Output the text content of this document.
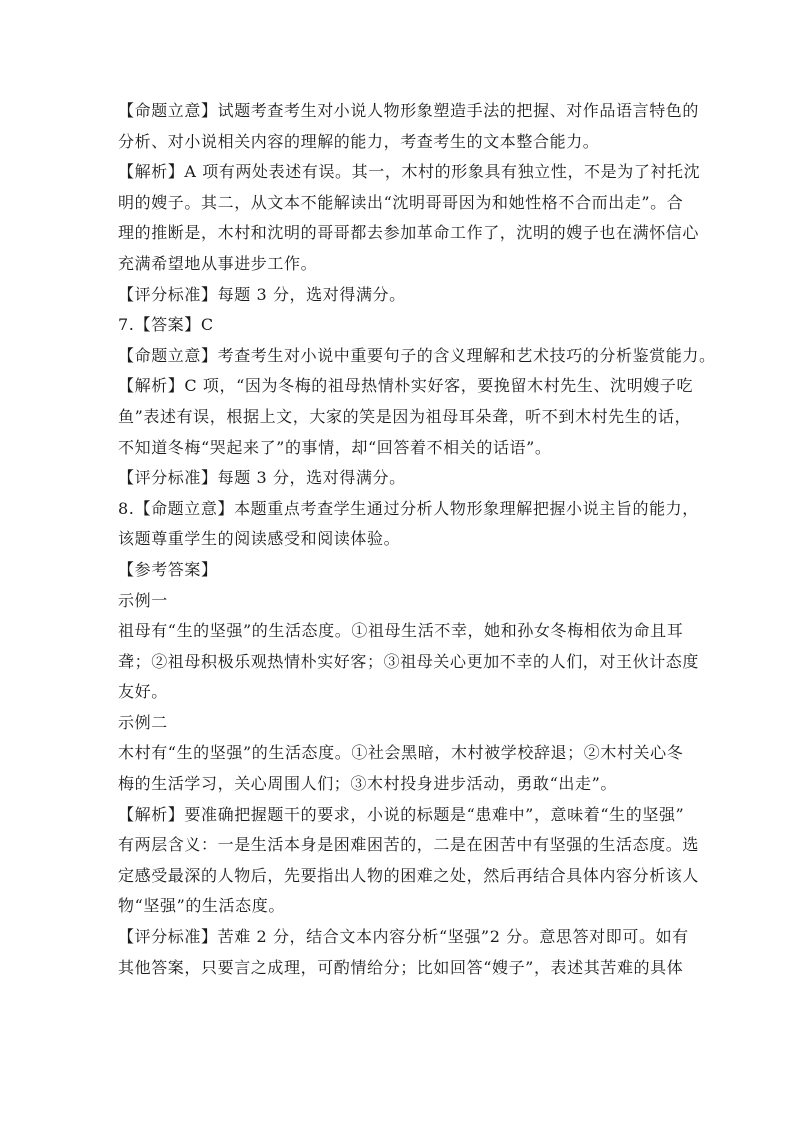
【命题立意】试题考查考生对小说人物形象塑造手法的把握、对作品语言特色的

分析、对小说相关内容的理解的能力，考查考生的文本整合能力。

【解析】A 项有两处表述有误。其一，木村的形象具有独立性，不是为了衬托沈

明的嫂子。其二，从文本不能解读出“沈明哥哥因为和她性格不合而出走”。合

理的推断是，木村和沈明的哥哥都去参加革命工作了，沈明的嫂子也在满怀信心

充满希望地从事进步工作。

【评分标准】每题 3 分，选对得满分。

7.【答案】C

【命题立意】考查考生对小说中重要句子的含义理解和艺术技巧的分析鉴赏能力。

【解析】C 项，“因为冬梅的祖母热情朴实好客，要挽留木村先生、沈明嫂子吃

鱼”表述有误，根据上文，大家的笑是因为祖母耳朵聋，听不到木村先生的话，

不知道冬梅“哭起来了”的事情，却“回答着不相关的话语”。

【评分标准】每题 3 分，选对得满分。

8.【命题立意】本题重点考查学生通过分析人物形象理解把握小说主旨的能力，

该题尊重学生的阅读感受和阅读体验。

【参考答案】

示例一

祖母有“生的坚强”的生活态度。①祖母生活不幸，她和孙女冬梅相依为命且耳

聋；②祖母积极乐观热情朴实好客；③祖母关心更加不幸的人们，对王伙计态度

友好。

示例二

木村有“生的坚强”的生活态度。①社会黑暗，木村被学校辞退；②木村关心冬

梅的生活学习，关心周围人们；③木村投身进步活动，勇敢“出走”。

【解析】要准确把握题干的要求，小说的标题是“患难中”，意味着“生的坚强”

有两层含义：一是生活本身是困难困苦的，二是在困苦中有坚强的生活态度。选

定感受最深的人物后，先要指出人物的困难之处，然后再结合具体内容分析该人

物“坚强”的生活态度。

【评分标准】苦难 2 分，结合文本内容分析“坚强”2 分。意思答对即可。如有

其他答案，只要言之成理，可酌情给分；比如回答“嫂子”，表述其苦难的具体
